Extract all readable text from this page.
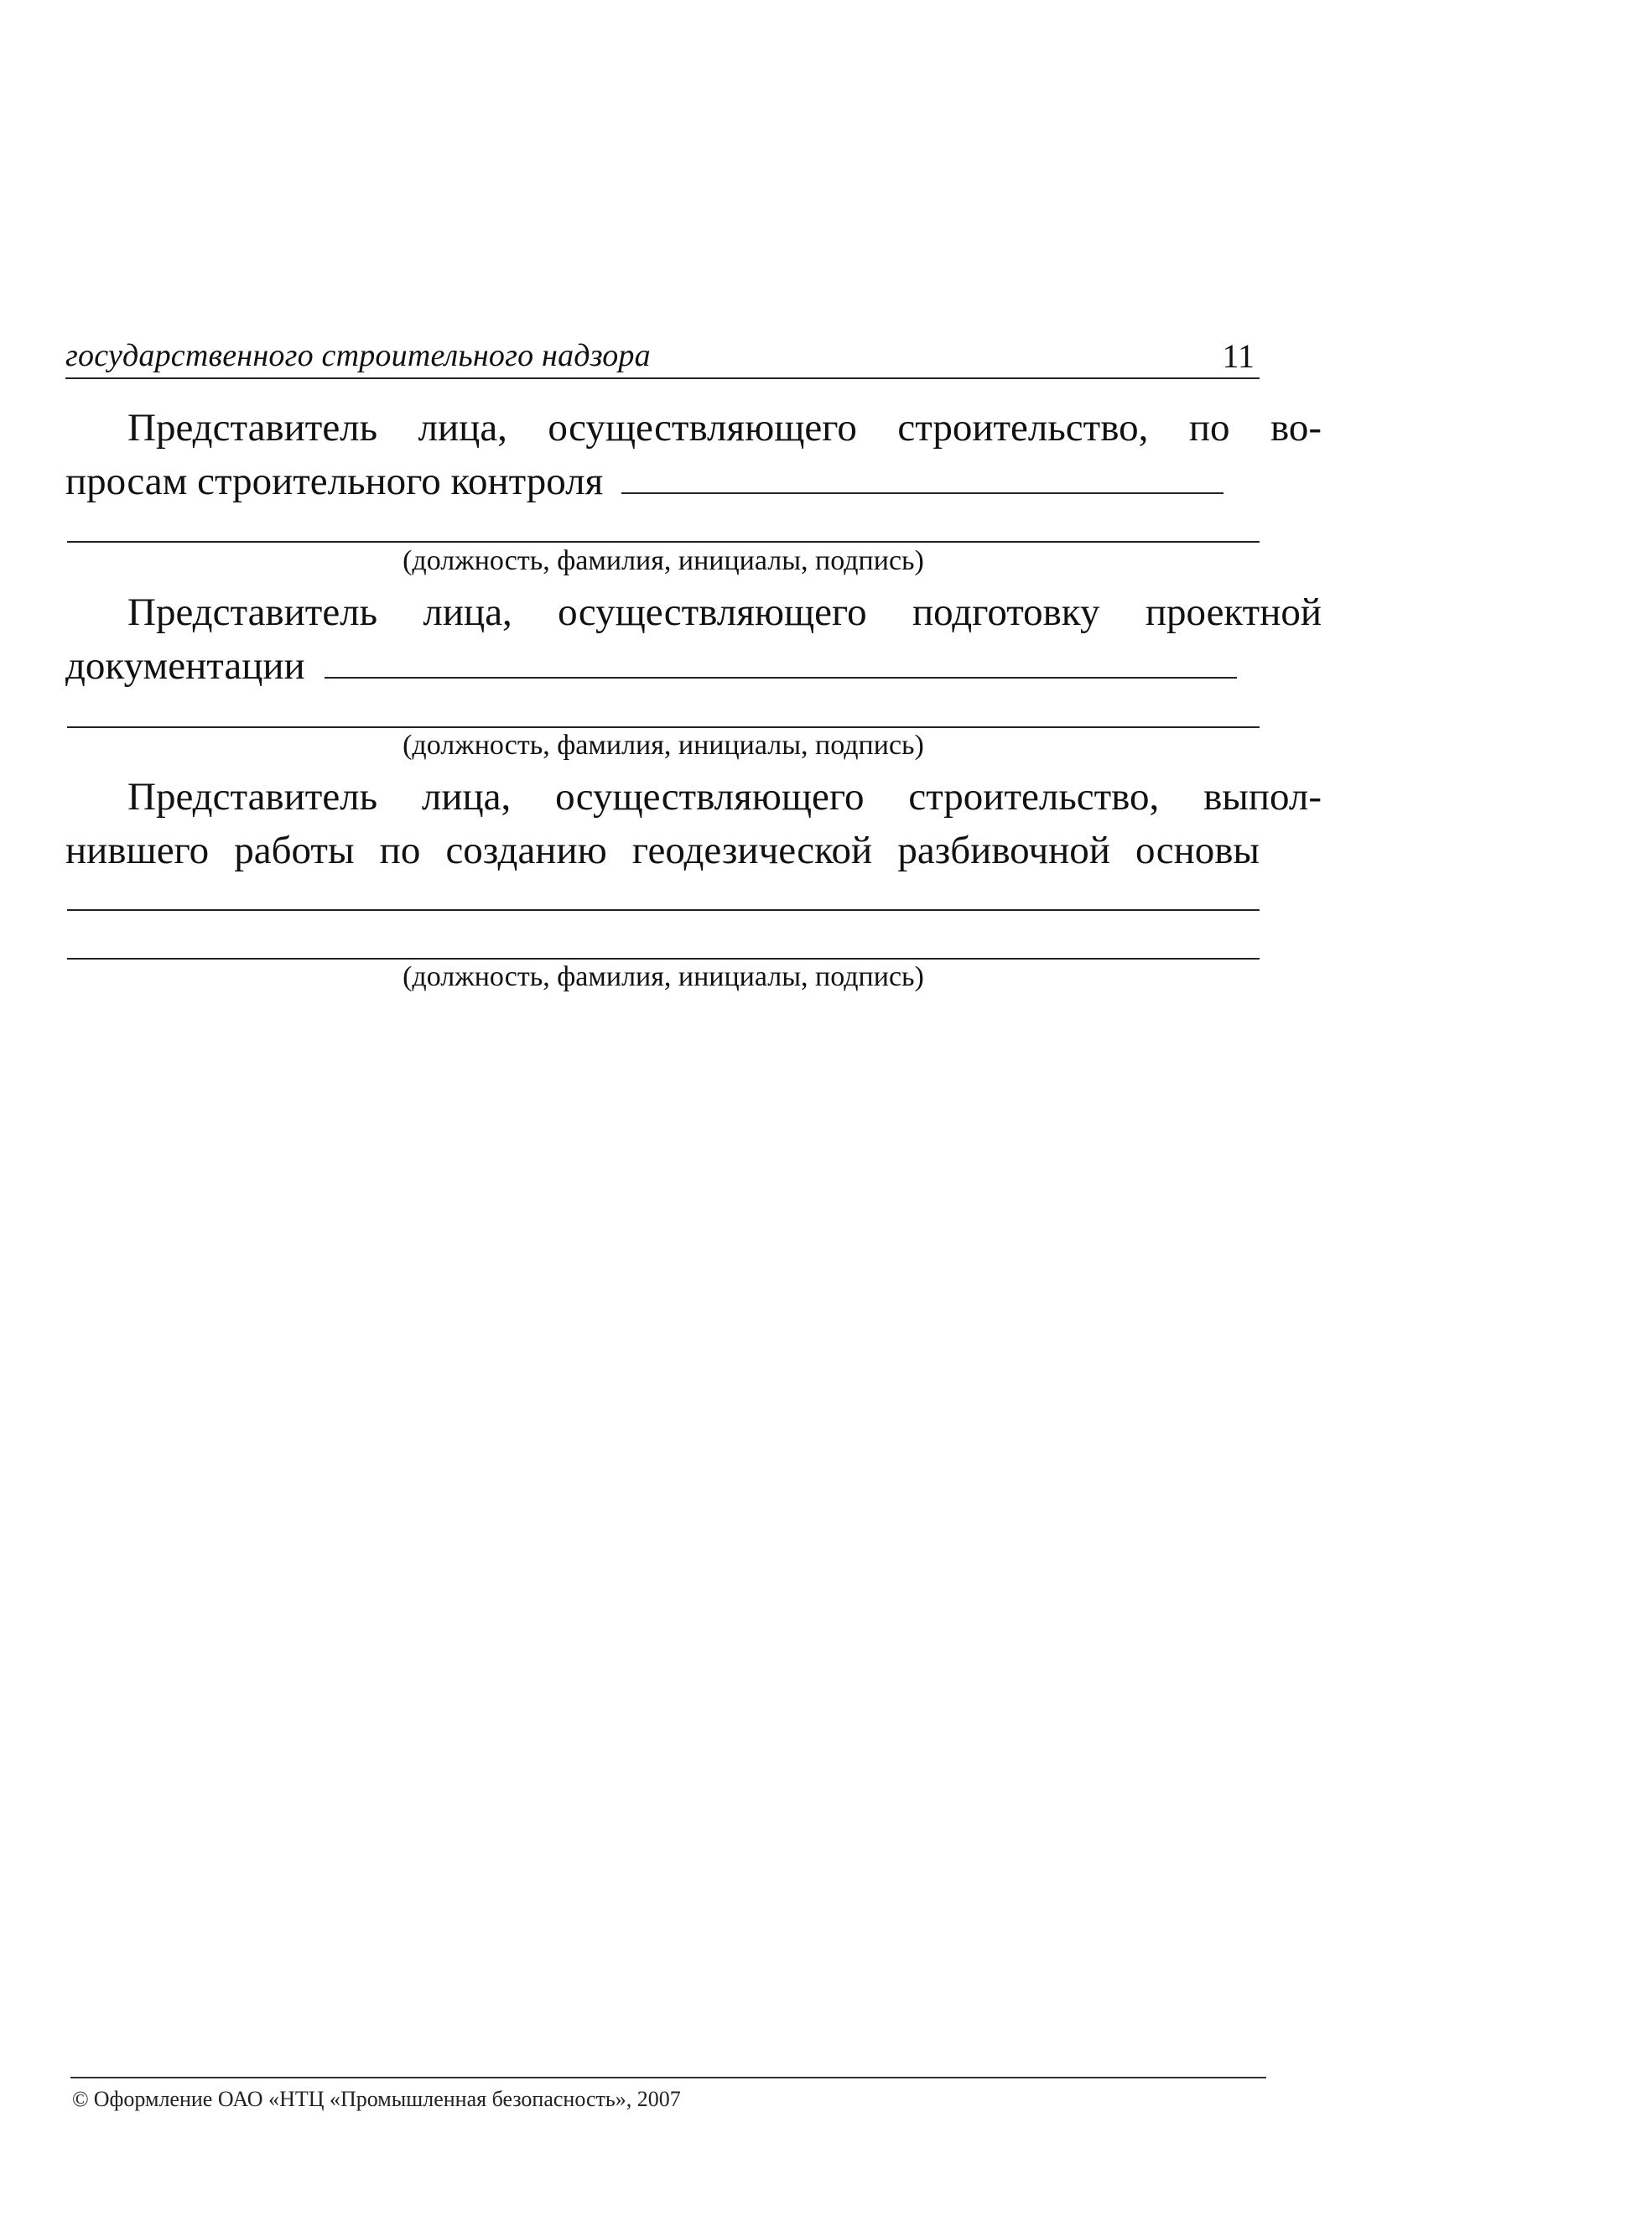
государственного строительного надзора	11
Представитель лица, осуществляющего строительство, по во-
просам строительного контроля
(должность, фамилия, инициалы, подпись)
Представитель лица, осуществляющего подготовку проектной
документации
(должность, фамилия, инициалы, подпись)
Представитель лица, осуществляющего строительство, выпол-
нившего работы по созданию геодезической разбивочной основы
(должность, фамилия, инициалы, подпись)
© Оформление ОАО «НТЦ «Промышленная безопасность», 2007
